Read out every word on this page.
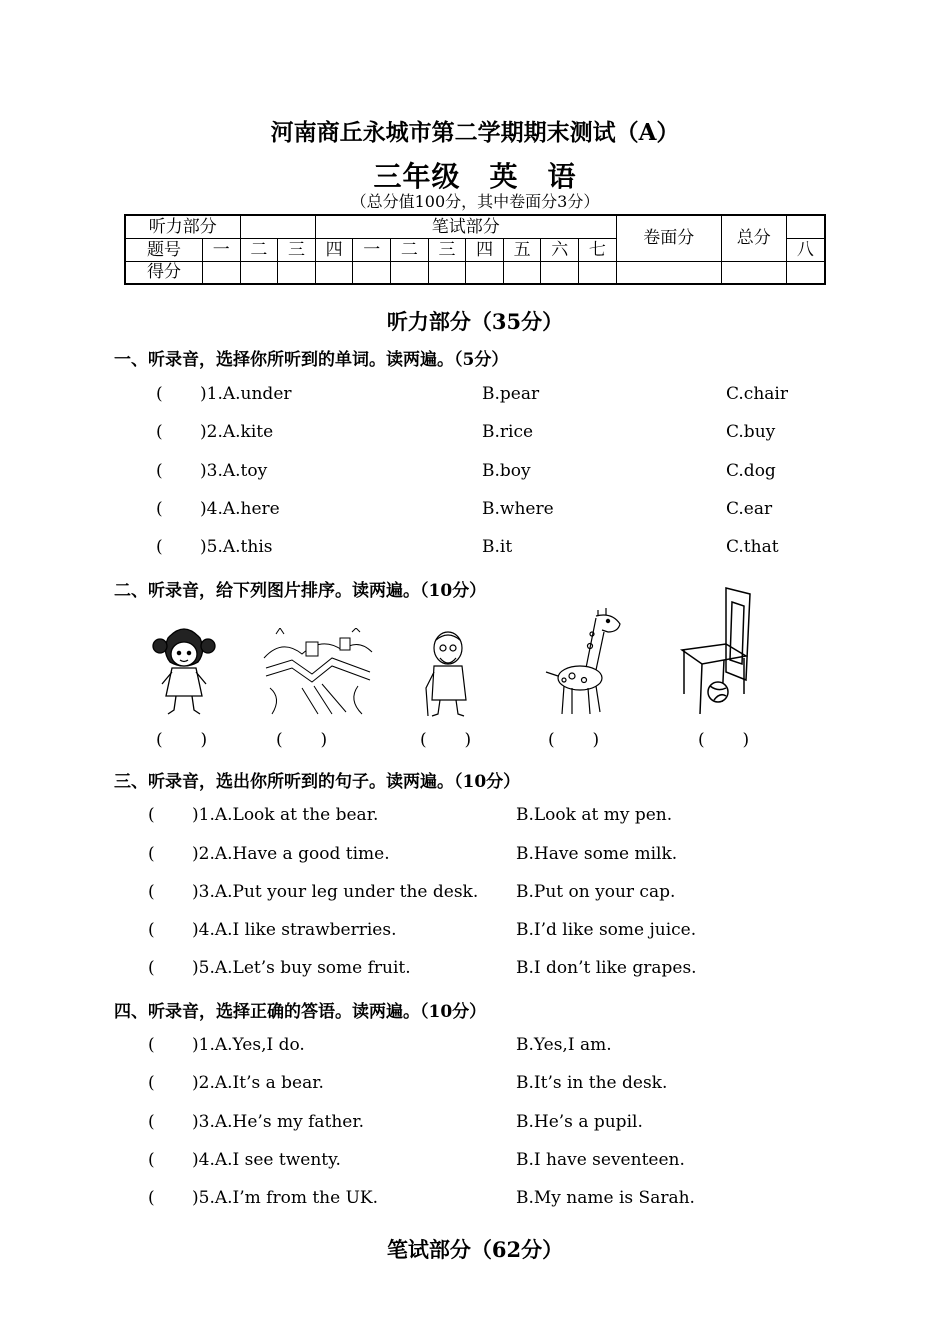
河南商丘永城市第二学期期末测试（A）
三年级　英　语
（总分值100分，其中卷面分3分）
听力部分				笔试部分								卷面分	总分	
题号	一	二	三	四	一	二	三	四	五	六	七			八
得分														
听力部分（35分）
一、听录音，选择你所听到的单词。读两遍。（5分）
( )1.A.under	B.pear	C.chair
( )2.A.kite	B.rice	C.buy
( )3.A.toy	B.boy	C.dog
( )4.A.here	B.where	C.ear
( )5.A.this	B.it	C.that
二、听录音，给下列图片排序。读两遍。（10分）
(       )	(       )	(       )	(       )	(       )
三、听录音，选出你所听到的句子。读两遍。（10分）
( )1.A.Look at the bear.	B.Look at my pen.
( )2.A.Have a good time.	B.Have some milk.
( )3.A.Put your leg under the desk. B.Put on your cap.
( )4.A.I like strawberries.	B.I’d like some juice.
( )5.A.Let’s buy some fruit.	B.I don’t like grapes.
四、听录音，选择正确的答语。读两遍。（10分）
( )1.A.Yes,I do.	B.Yes,I am.
( )2.A.It’s a bear.	B.It’s in the desk.
( )3.A.He’s my father.	B.He’s a pupil.
( )4.A.I see twenty.	B.I have seventeen.
( )5.A.I’m from the UK.	B.My name is Sarah.
笔试部分（62分）
